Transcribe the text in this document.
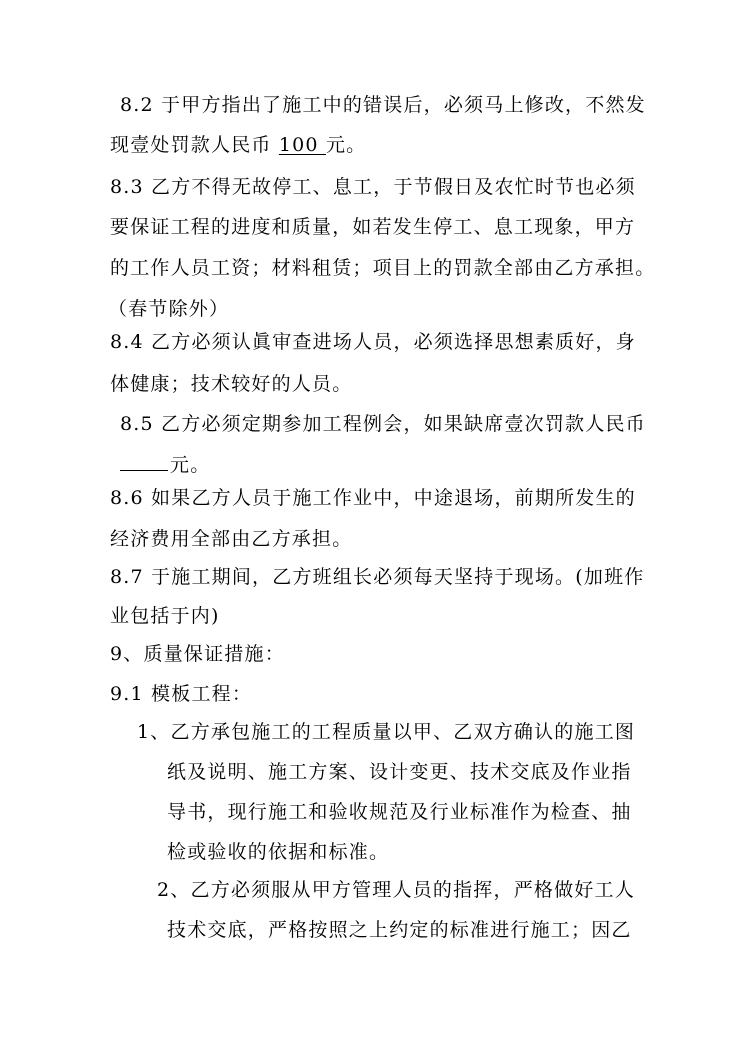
8.2 于甲方指出了施工中的错误后，必须马上修改，不然发
现壹处罚款人民币 100 元。
8.3 乙方不得无故停工、息工，于节假日及农忙时节也必须
要保证工程的进度和质量，如若发生停工、息工现象，甲方
的工作人员工资；材料租赁；项目上的罚款全部由乙方承担。
（春节除外）
8.4 乙方必须认眞审查进场人员，必须选择思想素质好，身
体健康；技术较好的人员。
8.5 乙方必须定期参加工程例会，如果缺席壹次罚款人民币
元。
8.6 如果乙方人员于施工作业中，中途退场，前期所发生的
经济费用全部由乙方承担。
8.7 于施工期间，乙方班组长必须每天坚持于现场。(加班作
业包括于内)
9、质量保证措施：
9.1 模板工程：
1、乙方承包施工的工程质量以甲、乙双方确认的施工图
纸及说明、施工方案、设计变更、技术交底及作业指
导书，现行施工和验收规范及行业标准作为检查、抽
检或验收的依据和标准。
2、乙方必须服从甲方管理人员的指挥，严格做好工人
技术交底，严格按照之上约定的标准进行施工；因乙
